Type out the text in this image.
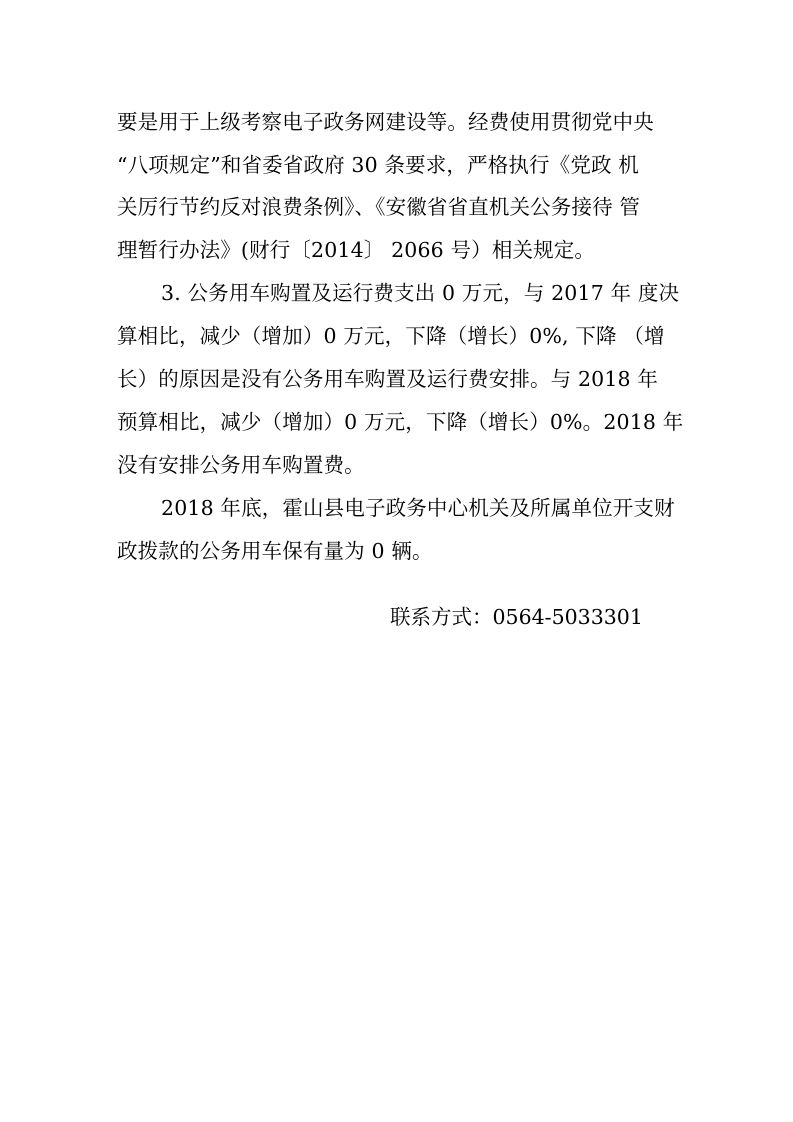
要是用于上级考察电子政务网建设等。经费使用贯彻党中央
“八项规定”和省委省政府 30 条要求，严格执行《党政 机
关厉行节约反对浪费条例》、《安徽省省直机关公务接待 管
理暂行办法》(财行〔2014〕 2066 号）相关规定。
3. 公务用车购置及运行费支出 0 万元，与 2017 年 度决
算相比，减少（增加）0 万元，下降（增长）0%, 下降 （增
长）的原因是没有公务用车购置及运行费安排。与 2018 年
预算相比，减少（增加）0 万元，下降（增长）0%。2018 年
没有安排公务用车购置费。
2018 年底，霍山县电子政务中心机关及所属单位开支财
政拨款的公务用车保有量为 0 辆。
联系方式：0564-5033301
